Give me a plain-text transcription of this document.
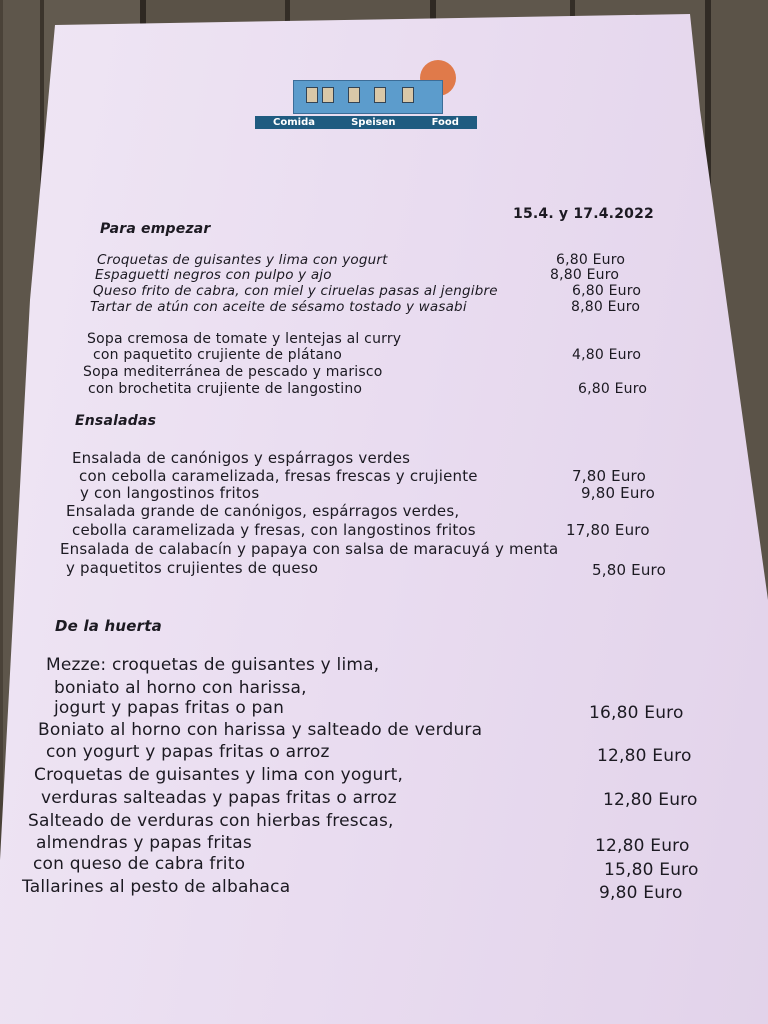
Comida	Speisen	Food
15.4. y 17.4.2022
Para empezar
Croquetas de guisantes y lima con yogurt	6,80 Euro
Espaguetti negros con pulpo y ajo	8,80 Euro
Queso frito de cabra, con miel y ciruelas pasas al jengibre	6,80 Euro
Tartar de atún con aceite de sésamo tostado y wasabi	8,80 Euro
Sopa cremosa de tomate y lentejas al curry
con paquetito crujiente de plátano	4,80 Euro
Sopa mediterránea de pescado y marisco
con brochetita crujiente de langostino	6,80 Euro
Ensaladas
Ensalada de canónigos y espárragos verdes
con cebolla caramelizada, fresas frescas y crujiente	7,80 Euro
y con langostinos fritos	9,80 Euro
Ensalada grande de canónigos, espárragos verdes,
cebolla caramelizada y fresas, con langostinos fritos	17,80 Euro
Ensalada de calabacín y papaya con salsa de maracuyá y menta
y paquetitos crujientes de queso	5,80 Euro
De la huerta
Mezze: croquetas de guisantes y lima,
boniato al horno con harissa,
jogurt y papas fritas o pan	16,80 Euro
Boniato al horno con harissa y salteado de verdura
con yogurt y papas fritas o arroz	12,80 Euro
Croquetas de guisantes y lima con yogurt,
verduras salteadas y papas fritas o arroz	12,80 Euro
Salteado de verduras con hierbas frescas,
almendras y papas fritas	12,80 Euro
con queso de cabra frito	15,80 Euro
Tallarines al pesto de albahaca	9,80 Euro
